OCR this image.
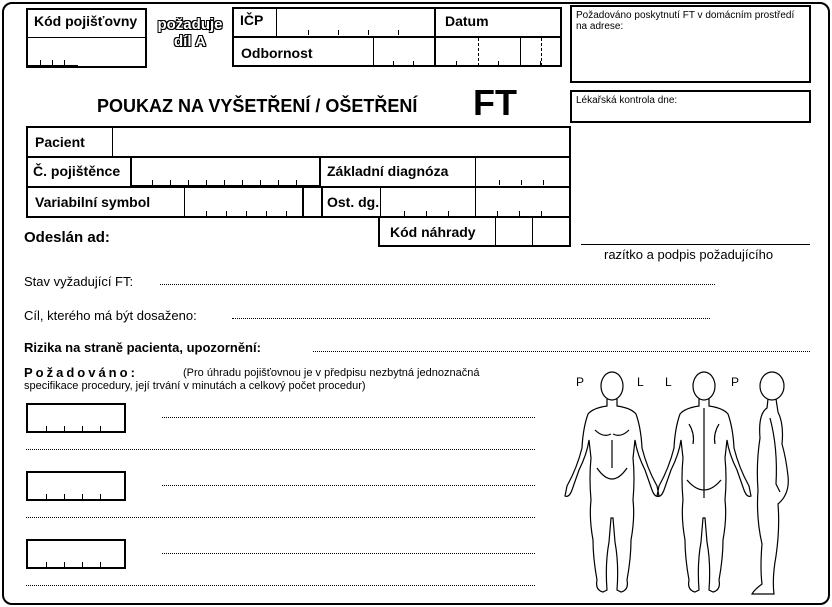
Kód pojišťovny	požaduje
díl A
IČP	Datum
Odbornost
Požadováno poskytnutí FT v domácním prostředí na adrese:
Lékařská kontrola dne:
razítko a podpis požadujícího
POUKAZ NA VYŠETŘENÍ / OŠETŘENÍ FT
Pacient
Č. pojištěnce	Základní diagnóza
Variabilní symbol	Ost. dg.
Kód náhrady
Odeslán ad:
Stav vyžadující FT:
Cíl, kterého má být dosaženo:
Rizika na straně pacienta, upozornění:
Požadováno:	(Pro úhradu pojišťovnou je v předpisu nezbytná jednoznačná
specifikace procedury, její trvání v minutách a celkový počet procedur)	P	L L	P
